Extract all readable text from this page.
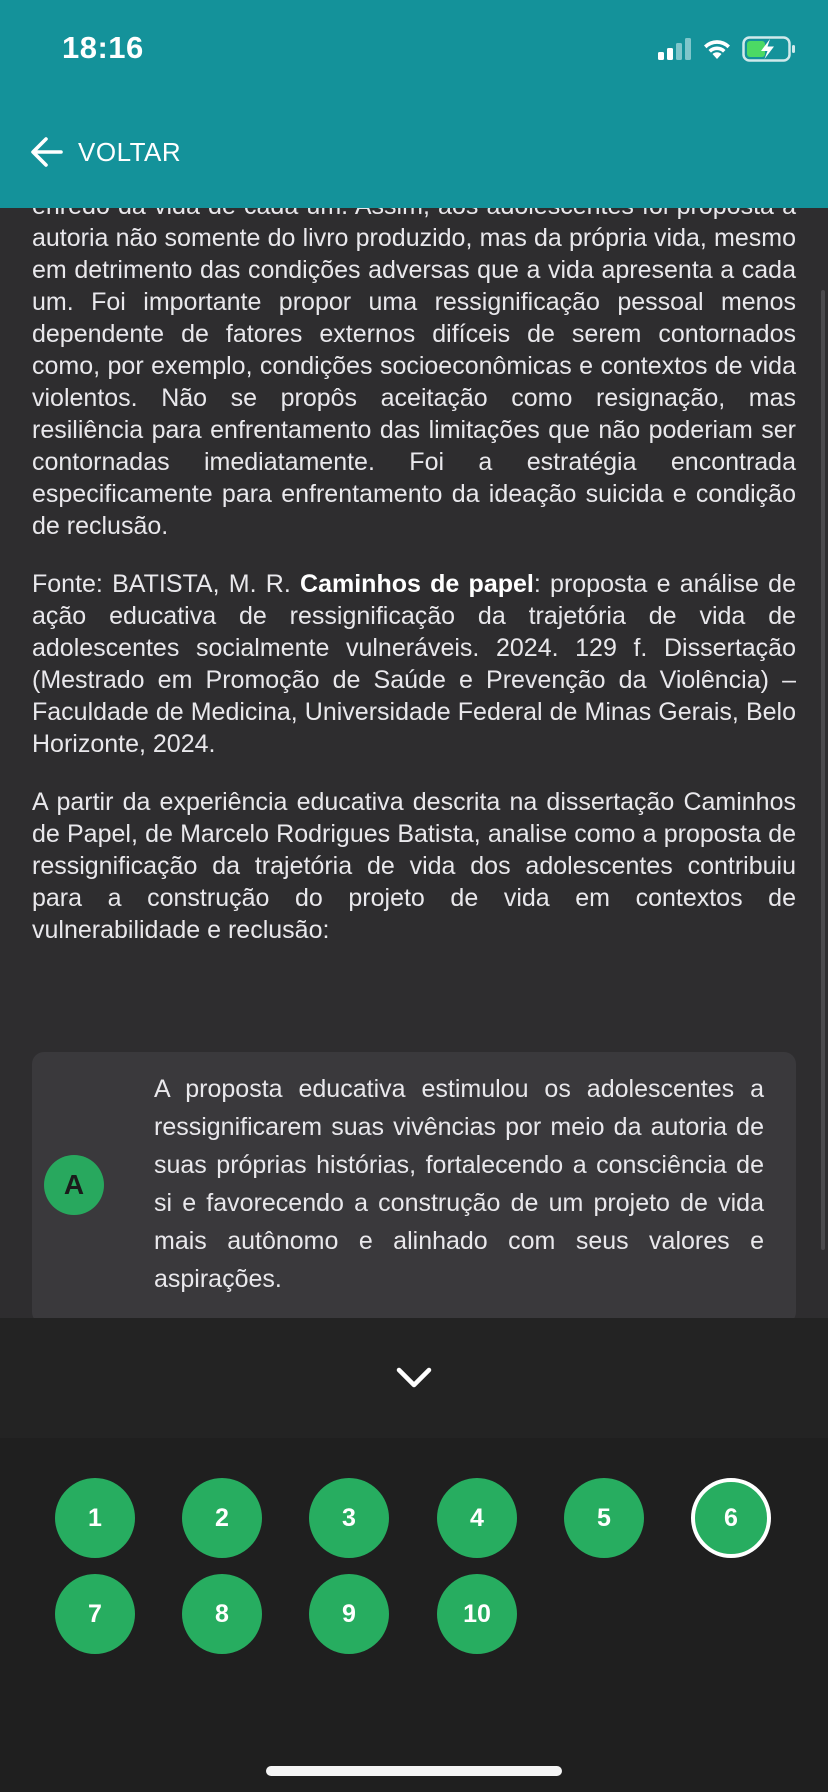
18:16
VOLTAR

autoria não somente do livro produzido, mas da própria vida, mesmo em detrimento das condições adversas que a vida apresenta a cada um. Foi importante propor uma ressignificação pessoal menos dependente de fatores externos difíceis de serem contornados como, por exemplo, condições socioeconômicas e contextos de vida violentos. Não se propôs aceitação como resignação, mas resiliência para enfrentamento das limitações que não poderiam ser contornadas imediatamente. Foi a estratégia encontrada especificamente para enfrentamento da ideação suicida e condição de reclusão.

Fonte: BATISTA, M. R. Caminhos de papel: proposta e análise de ação educativa de ressignificação da trajetória de vida de adolescentes socialmente vulneráveis. 2024. 129 f. Dissertação (Mestrado em Promoção de Saúde e Prevenção da Violência) – Faculdade de Medicina, Universidade Federal de Minas Gerais, Belo Horizonte, 2024.

A partir da experiência educativa descrita na dissertação Caminhos de Papel, de Marcelo Rodrigues Batista, analise como a proposta de ressignificação da trajetória de vida dos adolescentes contribuiu para a construção do projeto de vida em contextos de vulnerabilidade e reclusão:

A
A proposta educativa estimulou os adolescentes a ressignificarem suas vivências por meio da autoria de suas próprias histórias, fortalecendo a consciência de si e favorecendo a construção de um projeto de vida mais autônomo e alinhado com seus valores e aspirações.
1	2	3	4	5	6
7	8	9	10
